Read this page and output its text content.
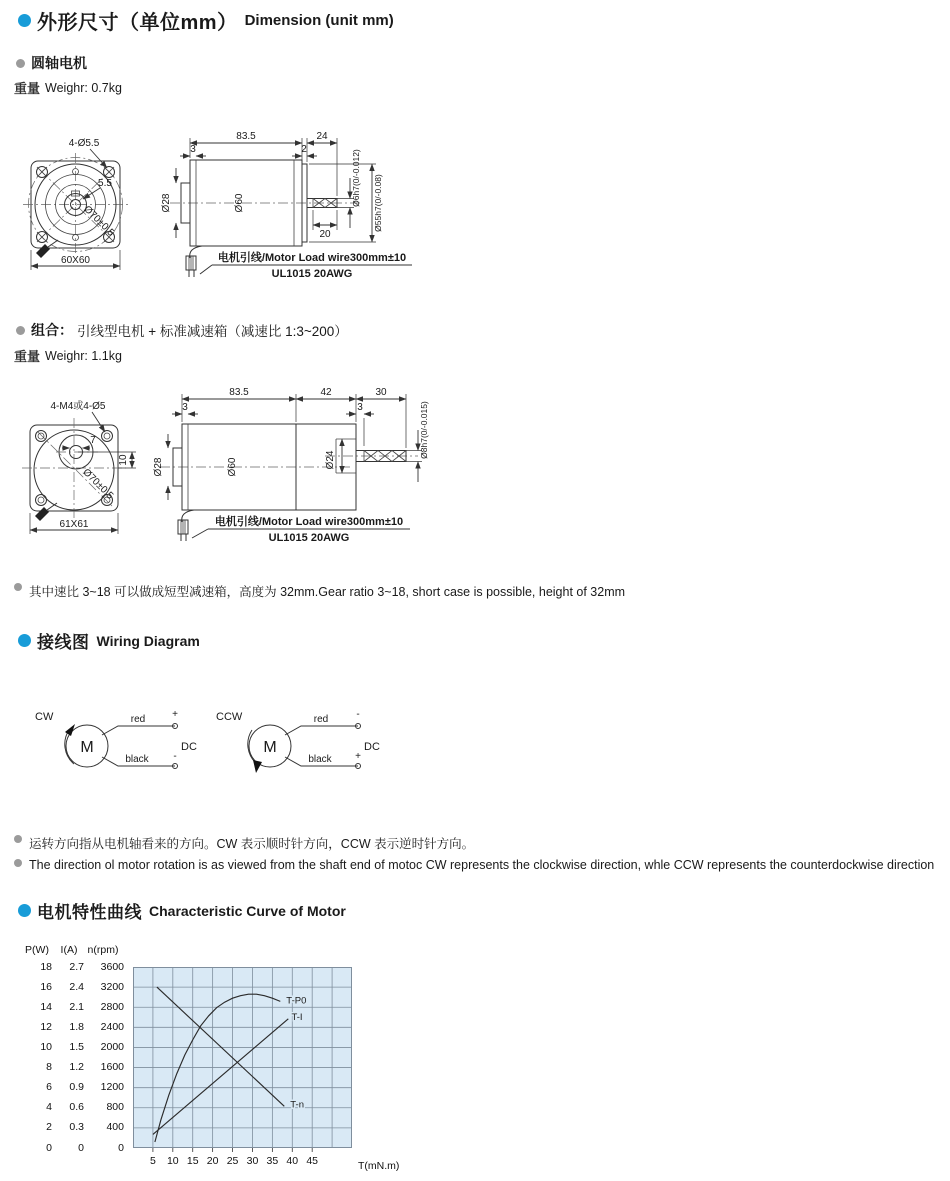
外形尺寸（单位mm） Dimension (unit mm)
圆轴电机
重量 Weighr: 0.7kg
4-Ø5.5
5.5
Ø70±0.5
60X60
83.5	24
3	2
Ø60
Ø28	Ø6h7(0/-0.012) Ø55h7(0/-0.08)
20
电机引线/Motor Load wire300mm±10
UL1015 20AWG
组合： 引线型电机 + 标准减速箱（减速比 1:3~200）
重量 Weighr: 1.1kg
4-M4或4-Ø5
7
10
Ø70±0.5
61X61
83.5	42	30
3	3
Ø60
Ø28	Ø24
Ø8h7(0/-0.015)
电机引线/Motor Load wire300mm±10
UL1015 20AWG
其中速比 3~18 可以做成短型减速箱，高度为 32mm.Gear ratio 3~18, short case is possible, height of 32mm
接线图 Wiring Diagram
CW
M
red
black
+
-
DC
CCW
M
red
black
-
+
DC
运转方向指从电机轴看来的方向。CW 表示顺时针方向，CCW 表示逆时针方向。
The direction ol motor rotation is as viewed from the shaft end of motoc CW represents the clockwise direction, whle CCW represents the counterdockwise direction
电机特性曲线 Characteristic Curve of Motor
T-P0
T-I
T-n
T(mN.m)
P(W)
18
16
14
12
10
8
6
4
2
0
I(A)
2.7
2.4
2.1
1.8
1.5
1.2
0.9
0.6
0.3
0
n(rpm)
3600
3200
2800
2400
2000
1600
1200
800
400
0
5	10 15 20 25 30 35 40 45
